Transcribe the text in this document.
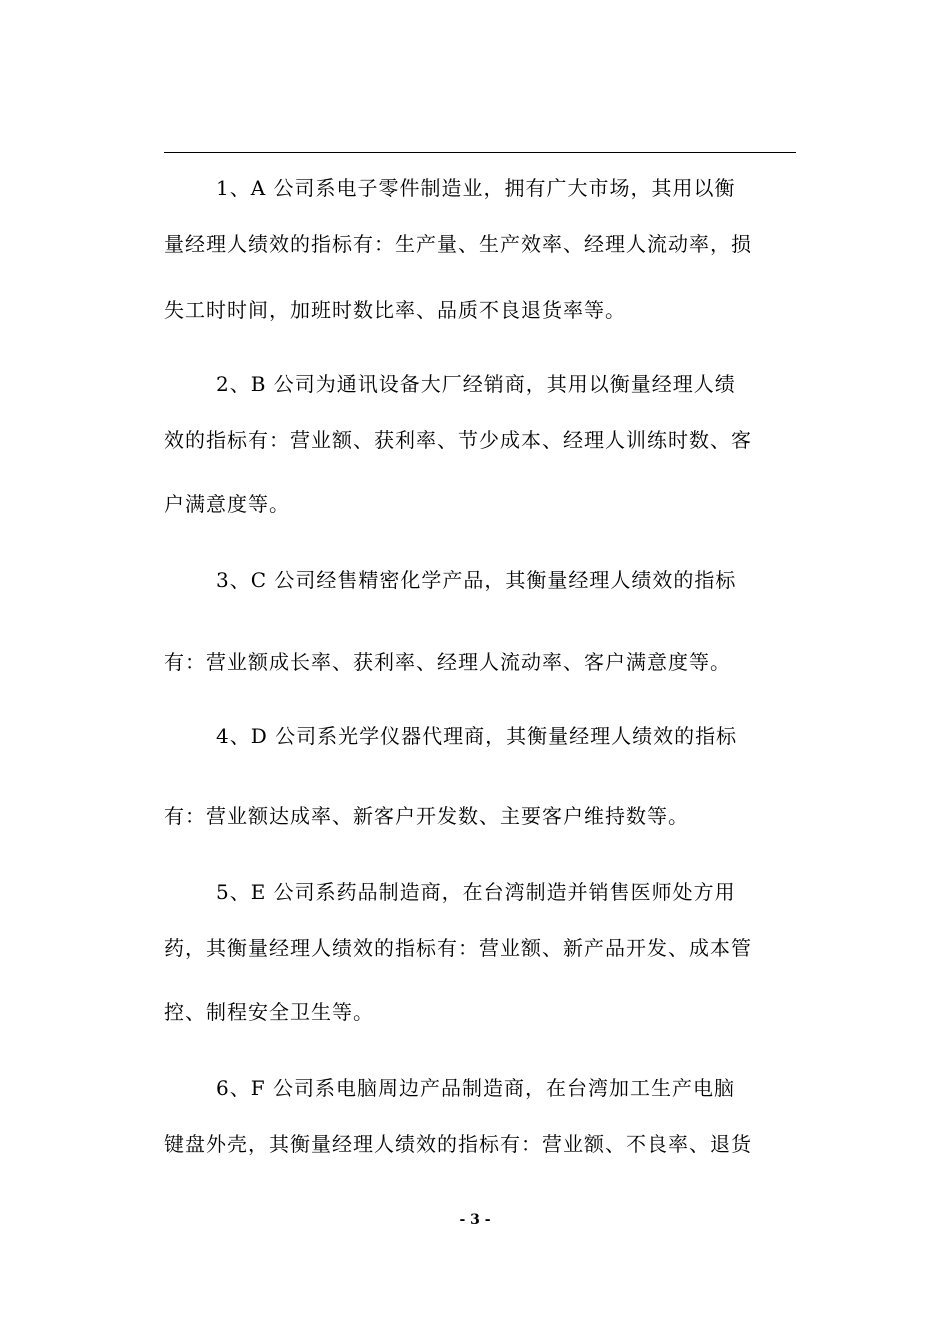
1、A 公司系电子零件制造业，拥有广大市场，其用以衡
量经理人绩效的指标有：生产量、生产效率、经理人流动率，损
失工时时间，加班时数比率、品质不良退货率等。
2、B 公司为通讯设备大厂经销商，其用以衡量经理人绩
效的指标有：营业额、获利率、节少成本、经理人训练时数、客
户满意度等。
3、C 公司经售精密化学产品，其衡量经理人绩效的指标
有：营业额成长率、获利率、经理人流动率、客户满意度等。
4、D 公司系光学仪器代理商，其衡量经理人绩效的指标
有：营业额达成率、新客户开发数、主要客户维持数等。
5、E 公司系药品制造商，在台湾制造并销售医师处方用
药，其衡量经理人绩效的指标有：营业额、新产品开发、成本管
控、制程安全卫生等。
6、F 公司系电脑周边产品制造商，在台湾加工生产电脑
键盘外壳，其衡量经理人绩效的指标有：营业额、不良率、退货
- 3 -
